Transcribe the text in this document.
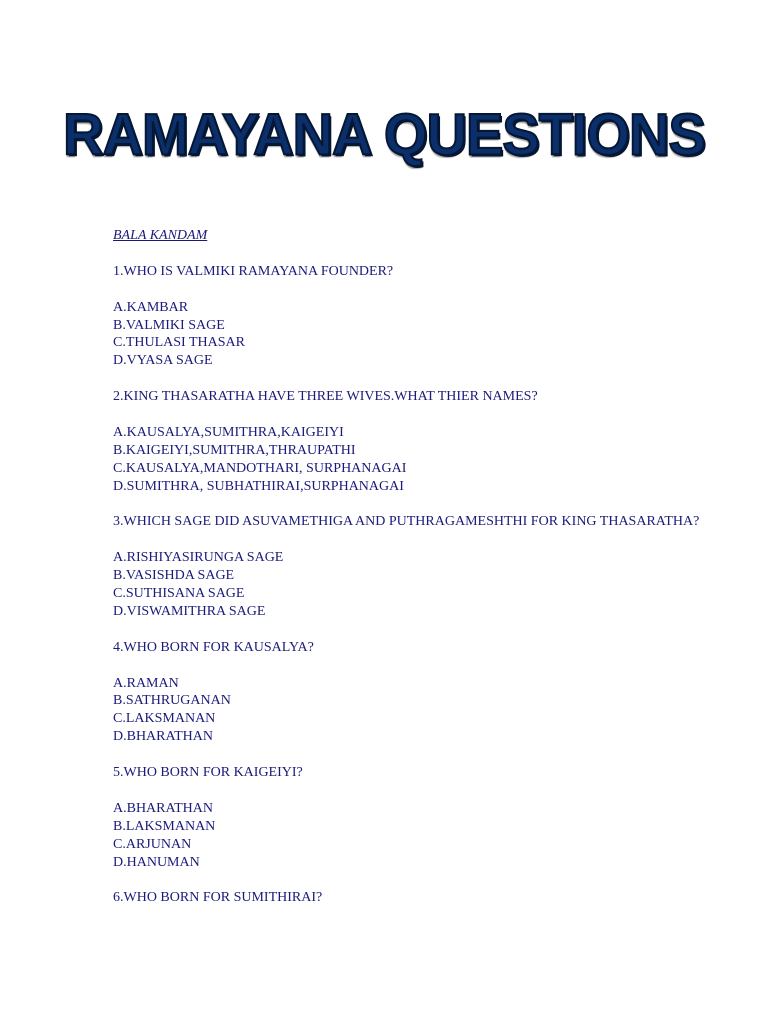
RAMAYANA QUESTIONS
BALA KANDAM
1.WHO IS VALMIKI RAMAYANA FOUNDER?
A.KAMBAR
B.VALMIKI SAGE
C.THULASI THASAR
D.VYASA SAGE
2.KING THASARATHA HAVE THREE WIVES.WHAT THIER NAMES?
A.KAUSALYA,SUMITHRA,KAIGEIYI
B.KAIGEIYI,SUMITHRA,THRAUPATHI
C.KAUSALYA,MANDOTHARI, SURPHANAGAI
D.SUMITHRA, SUBHATHIRAI,SURPHANAGAI
3.WHICH SAGE DID ASUVAMETHIGA AND PUTHRAGAMESHTHI FOR KING THASARATHA?
A.RISHIYASIRUNGA SAGE
B.VASISHDA SAGE
C.SUTHISANA SAGE
D.VISWAMITHRA SAGE
4.WHO BORN FOR KAUSALYA?
A.RAMAN
B.SATHRUGANAN
C.LAKSMANAN
D.BHARATHAN
5.WHO BORN FOR KAIGEIYI?
A.BHARATHAN
B.LAKSMANAN
C.ARJUNAN
D.HANUMAN
6.WHO BORN FOR SUMITHIRAI?
